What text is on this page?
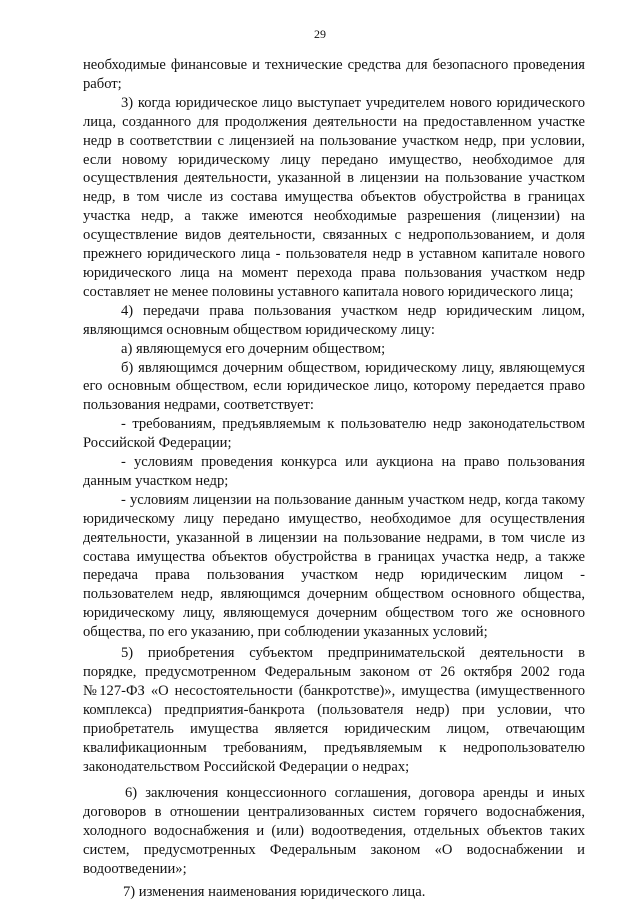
29

необходимые финансовые и технические средства для безопасного проведения работ;

3) когда юридическое лицо выступает учредителем нового юридического лица, созданного для продолжения деятельности на предоставленном участке недр в соответствии с лицензией на пользование участком недр, при условии, если новому юридическому лицу передано имущество, необходимое для осуществления деятельности, указанной в лицензии на пользование участком недр, в том числе из состава имущества объектов обустройства в границах участка недр, а также имеются необходимые разрешения (лицензии) на осуществление видов деятельности, связанных с недропользованием, и доля прежнего юридического лица - пользователя недр в уставном капитале нового юридического лица на момент перехода права пользования участком недр составляет не менее половины уставного капитала нового юридического лица;

4) передачи права пользования участком недр юридическим лицом, являющимся основным обществом юридическому лицу:

а) являющемуся его дочерним обществом;

б) являющимся дочерним обществом, юридическому лицу, являющемуся его основным обществом, если юридическое лицо, которому передается право пользования недрами, соответствует:

- требованиям, предъявляемым к пользователю недр законодательством Российской Федерации;

- условиям проведения конкурса или аукциона на право пользования данным участком недр;

- условиям лицензии на пользование данным участком недр, когда такому юридическому лицу передано имущество, необходимое для осуществления деятельности, указанной в лицензии на пользование недрами, в том числе из состава имущества объектов обустройства в границах участка недр, а также передача права пользования участком недр юридическим лицом - пользователем недр, являющимся дочерним обществом основного общества, юридическому лицу, являющемуся дочерним обществом того же основного общества, по его указанию, при соблюдении указанных условий;

5) приобретения субъектом предпринимательской деятельности в порядке, предусмотренном Федеральным законом от 26 октября 2002 года №127-ФЗ «О несостоятельности (банкротстве)», имущества (имущественного комплекса) предприятия-банкрота (пользователя недр) при условии, что приобретатель имущества является юридическим лицом, отвечающим квалификационным требованиям, предъявляемым к недропользователю законодательством Российской Федерации о недрах;

6) заключения концессионного соглашения, договора аренды и иных договоров в отношении централизованных систем горячего водоснабжения, холодного водоснабжения и (или) водоотведения, отдельных объектов таких систем, предусмотренных Федеральным законом «О водоснабжении и водоотведении»;

7) изменения наименования юридического лица.
